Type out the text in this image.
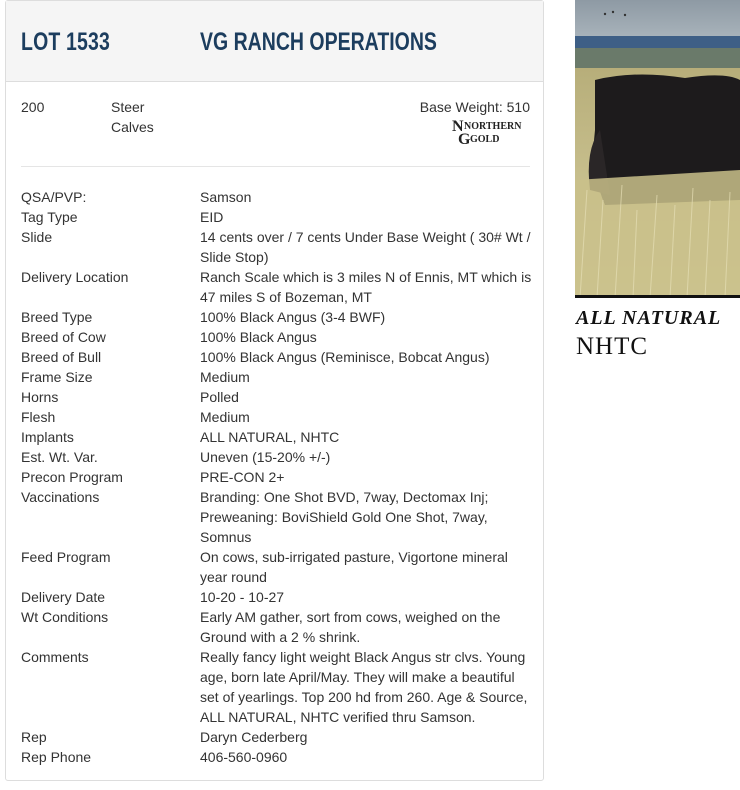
LOT 1533	VG RANCH OPERATIONS
200	Steer
Calves
Base Weight: 510
N NORTHERN
G GOLD
QSA/PVP:	Samson
Tag Type	EID
Slide	14 cents over / 7 cents Under Base Weight ( 30# Wt / Slide Stop)
Delivery Location	Ranch Scale which is 3 miles N of Ennis, MT which is 47 miles S of Bozeman, MT
Breed Type	100% Black Angus (3-4 BWF)
Breed of Cow	100% Black Angus
Breed of Bull	100% Black Angus (Reminisce, Bobcat Angus)
Frame Size	Medium
Horns	Polled
Flesh	Medium
Implants	ALL NATURAL, NHTC
Est. Wt. Var.	Uneven (15-20% +/-)
Precon Program	PRE-CON 2+
Vaccinations	Branding: One Shot BVD, 7way, Dectomax Inj; Preweaning: BoviShield Gold One Shot, 7way, Somnus
Feed Program	On cows, sub-irrigated pasture, Vigortone mineral year round
Delivery Date	10-20 - 10-27
Wt Conditions	Early AM gather, sort from cows, weighed on the Ground with a 2 % shrink.
Comments	Really fancy light weight Black Angus str clvs. Young age, born late April/May. They will make a beautiful set of yearlings. Top 200 hd from 260. Age & Source, ALL NATURAL, NHTC verified thru Samson.
Rep	Daryn Cederberg
Rep Phone	406-560-0960
ALL NATURAL
NHTC
